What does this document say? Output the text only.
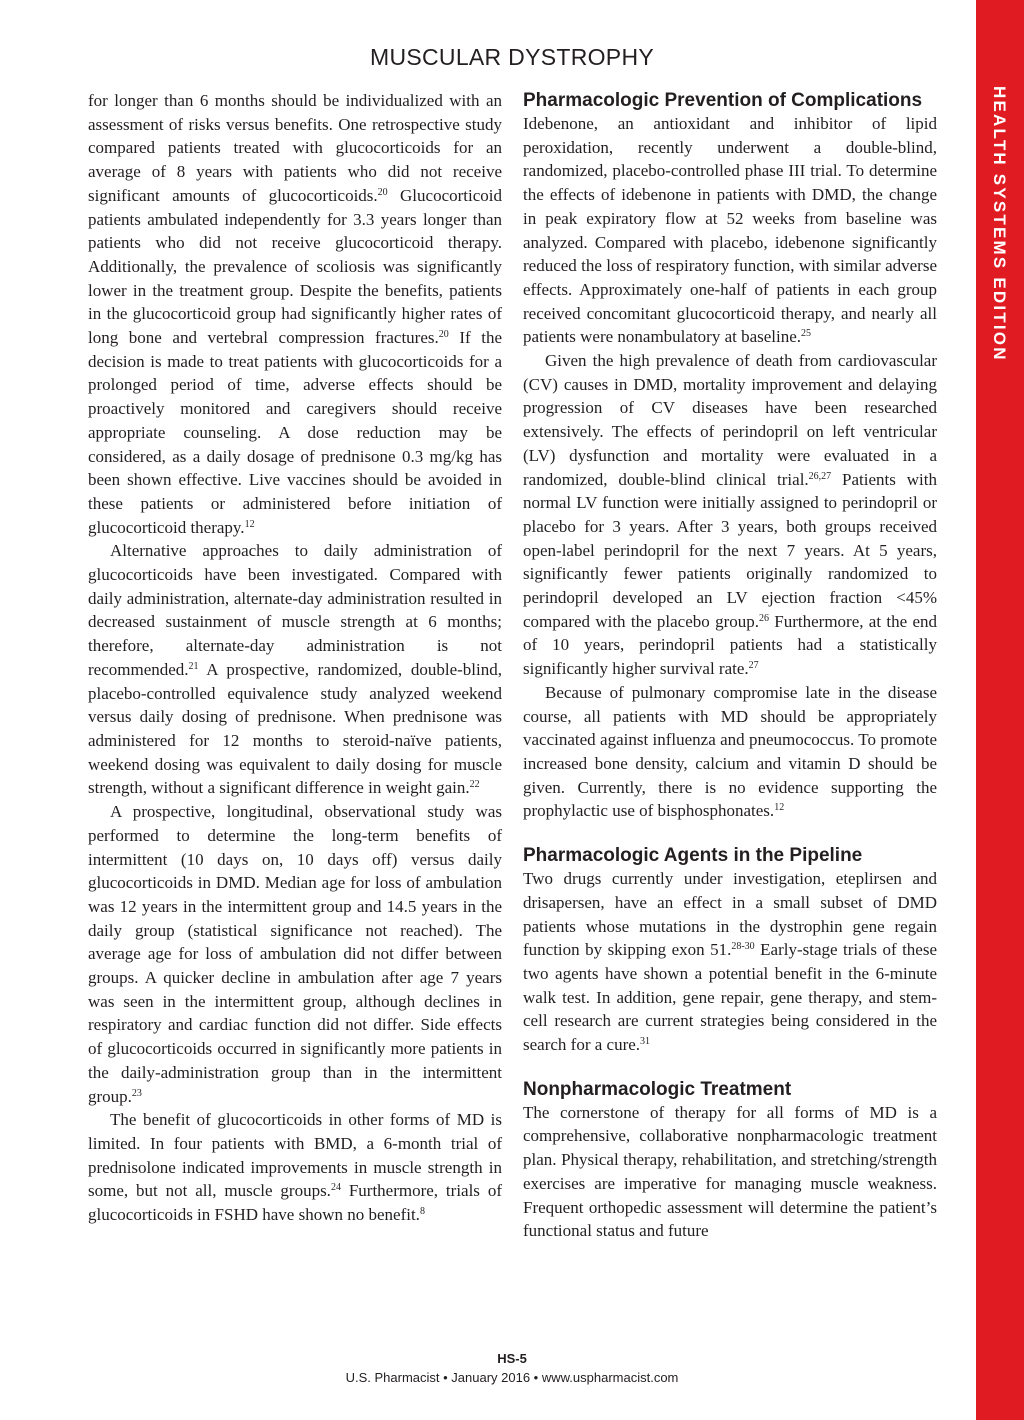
MUSCULAR DYSTROPHY
HEALTH SYSTEMS EDITION

for longer than 6 months should be individualized with an assessment of risks versus benefits. One retrospective study compared patients treated with glucocorticoids for an average of 8 years with patients who did not receive significant amounts of glucocorticoids.$^{20}$ Glucocorticoid patients ambulated independently for 3.3 years longer than patients who did not receive glucocorticoid therapy. Additionally, the prevalence of scoliosis was significantly lower in the treatment group. Despite the benefits, patients in the glucocorticoid group had significantly higher rates of long bone and vertebral compression fractures.$^{20}$ If the decision is made to treat patients with glucocorticoids for a prolonged period of time, adverse effects should be proactively monitored and caregivers should receive appropriate counseling. A dose reduction may be considered, as a daily dosage of prednisone 0.3 mg/kg has been shown effective. Live vaccines should be avoided in these patients or administered before initiation of glucocorticoid therapy.$^{12}$

Alternative approaches to daily administration of glucocorticoids have been investigated. Compared with daily administration, alternate-day administration resulted in decreased sustainment of muscle strength at 6 months; therefore, alternate-day administration is not recommended.$^{21}$ A prospective, randomized, double-blind, placebo-controlled equivalence study analyzed weekend versus daily dosing of prednisone. When prednisone was administered for 12 months to steroid-naïve patients, weekend dosing was equivalent to daily dosing for muscle strength, without a significant difference in weight gain.$^{22}$

A prospective, longitudinal, observational study was performed to determine the long-term benefits of intermittent (10 days on, 10 days off) versus daily glucocorticoids in DMD. Median age for loss of ambulation was 12 years in the intermittent group and 14.5 years in the daily group (statistical significance not reached). The average age for loss of ambulation did not differ between groups. A quicker decline in ambulation after age 7 years was seen in the intermittent group, although declines in respiratory and cardiac function did not differ. Side effects of glucocorticoids occurred in significantly more patients in the daily-administration group than in the intermittent group.$^{23}$

The benefit of glucocorticoids in other forms of MD is limited. In four patients with BMD, a 6-month trial of prednisolone indicated improvements in muscle strength in some, but not all, muscle groups.$^{24}$ Furthermore, trials of glucocorticoids in FSHD have shown no benefit.$^8$

Pharmacologic Prevention of Complications

Idebenone, an antioxidant and inhibitor of lipid peroxidation, recently underwent a double-blind, randomized, placebo-controlled phase III trial. To determine the effects of idebenone in patients with DMD, the change in peak expiratory flow at 52 weeks from baseline was analyzed. Compared with placebo, idebenone significantly reduced the loss of respiratory function, with similar adverse effects. Approximately one-half of patients in each group received concomitant glucocorticoid therapy, and nearly all patients were nonambulatory at baseline.$^{25}$

Given the high prevalence of death from cardiovascular (CV) causes in DMD, mortality improvement and delaying progression of CV diseases have been researched extensively. The effects of perindopril on left ventricular (LV) dysfunction and mortality were evaluated in a randomized, double-blind clinical trial.$^{26,27}$ Patients with normal LV function were initially assigned to perindopril or placebo for 3 years. After 3 years, both groups received open-label perindopril for the next 7 years. At 5 years, significantly fewer patients originally randomized to perindopril developed an LV ejection fraction <45% compared with the placebo group.$^{26}$ Furthermore, at the end of 10 years, perindopril patients had a statistically significantly higher survival rate.$^{27}$

Because of pulmonary compromise late in the disease course, all patients with MD should be appropriately vaccinated against influenza and pneumococcus. To promote increased bone density, calcium and vitamin D should be given. Currently, there is no evidence supporting the prophylactic use of bisphosphonates.$^{12}$

Pharmacologic Agents in the Pipeline

Two drugs currently under investigation, eteplirsen and drisapersen, have an effect in a small subset of DMD patients whose mutations in the dystrophin gene regain function by skipping exon 51.$^{28-30}$ Early-stage trials of these two agents have shown a potential benefit in the 6-minute walk test. In addition, gene repair, gene therapy, and stem-cell research are current strategies being considered in the search for a cure.$^{31}$

Nonpharmacologic Treatment

The cornerstone of therapy for all forms of MD is a comprehensive, collaborative nonpharmacologic treatment plan. Physical therapy, rehabilitation, and stretching/strength exercises are imperative for managing muscle weakness. Frequent orthopedic assessment will determine the patient’s functional status and future

HS-5
U.S. Pharmacist • January 2016 • www.uspharmacist.com
